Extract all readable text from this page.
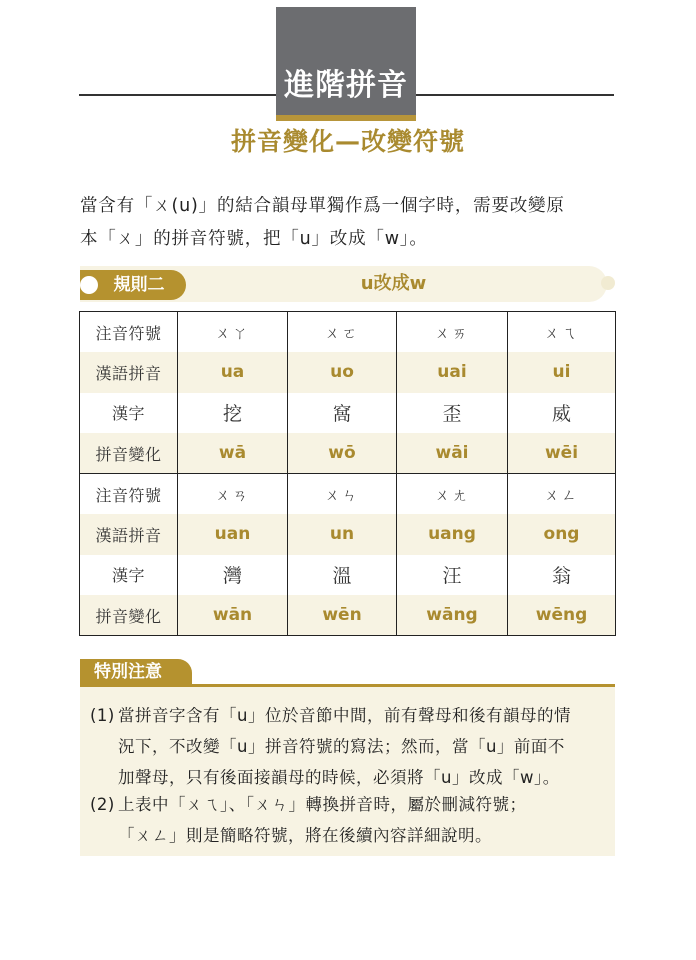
進階拼音
拼音變化—改變符號
當含有「ㄨ(u)」的結合韻母單獨作爲一個字時，需要改變原
本「ㄨ」的拼音符號，把「u」改成「w」。
規則二	u改成w
注音符號	ㄨㄚ	ㄨㄛ	ㄨㄞ	ㄨㄟ
漢語拼音	ua	uo	uai	ui
漢字	挖	窩	歪	威
拼音變化	wā	wō	wāi	wēi
注音符號	ㄨㄢ	ㄨㄣ	ㄨㄤ	ㄨㄥ
漢語拼音	uan	un	uang	ong
漢字	灣	溫	汪	翁
拼音變化	wān	wēn	wāng	wēng
特別注意
(1) 當拼音字含有「u」位於音節中間，前有聲母和後有韻母的情
況下，不改變「u」拼音符號的寫法；然而，當「u」前面不
加聲母，只有後面接韻母的時候，必須將「u」改成「w」。
(2) 上表中「ㄨㄟ」、「ㄨㄣ」轉換拼音時，屬於刪減符號；
「ㄨㄥ」則是簡略符號，將在後續內容詳細說明。
